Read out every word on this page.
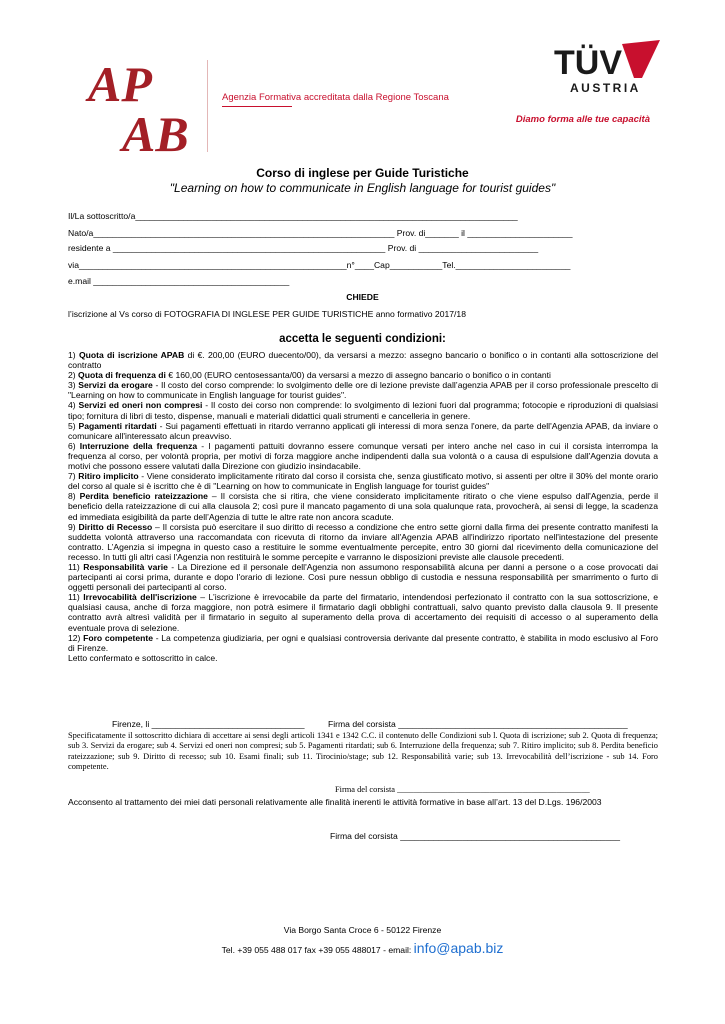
AP
AB
APAB
Agenzia Formativa accreditata dalla Regione Toscana
TÜV
AUSTRIA
Diamo forma alle tue capacità
Corso di inglese per Guide Turistiche
"Learning on how to communicate in English language for tourist guides"
Il/La sottoscritto/a________________________________________________________________________________
Nato/a_______________________________________________________________ Prov. di_______ il ______________________
residente a _________________________________________________________ Prov. di _________________________
via________________________________________________________n°____Cap___________Tel.________________________
e.mail _________________________________________
CHIEDE
l’iscrizione al Vs corso di FOTOGRAFIA DI INGLESE PER GUIDE TURISTICHE anno formativo 2017/18
accetta le seguenti condizioni:

1) Quota di iscrizione APAB di €. 200,00 (EURO duecento/00), da versarsi a mezzo: assegno bancario o bonifico o in contanti alla sottoscrizione del contratto

2) Quota di frequenza di € 160,00 (EURO centosessanta/00) da versarsi a mezzo di assegno bancario o bonifico o in contanti

3) Servizi da erogare - Il costo del corso comprende: lo svolgimento delle ore di lezione previste dall’agenzia APAB per il corso professionale prescelto di "Learning on how to communicate in English language for tourist guides".

4) Servizi ed oneri non compresi - Il costo dei corso non comprende: lo svolgimento di lezioni fuori dal programma; fotocopie e riproduzioni di qualsiasi tipo; fornitura di libri di testo, dispense, manuali e materiali didattici quali strumenti e cancelleria in genere.

5) Pagamenti ritardati - Sui pagamenti effettuati in ritardo verranno applicati gli interessi di mora senza l'onere, da parte dell'Agenzia APAB, da inviare o comunicare all'interessato alcun preavviso.

6) Interruzione della frequenza - I pagamenti pattuiti dovranno essere comunque versati per intero anche nel caso in cui il corsista interrompa la frequenza al corso, per volontà propria, per motivi di forza maggiore anche indipendenti dalla sua volontà o a causa di espulsione dall'Agenzia dovuta a motivi che possono essere valutati dalla Direzione con giudizio insindacabile.

7) Ritiro implicito - Viene considerato implicitamente ritirato dal corso il corsista che, senza giustificato motivo, si assenti per oltre il 30% del monte orario del corso al quale si è iscritto che è di "Learning on how to communicate in English language for tourist guides"

8) Perdita beneficio rateizzazione – Il corsista che si ritira, che viene considerato implicitamente ritirato o che viene espulso dall'Agenzia, perde il beneficio della rateizzazione di cui alla clausola 2; così pure il mancato pagamento di una sola qualunque rata, provocherà, ai sensi di legge, la scadenza ed immediata esigibilità da parte dell’Agenzia di tutte le altre rate non ancora scadute.

9) Diritto di Recesso – Il corsista può esercitare il suo diritto di recesso a condizione che entro sette giorni dalla firma dei presente contratto manifesti la suddetta volontà attraverso una raccomandata con ricevuta di ritorno da inviare all'Agenzia APAB all'indirizzo riportato nell'intestazione del presente contratto. L’Agenzia si impegna in questo caso a restituire le somme eventualmente percepite, entro 30 giorni dal ricevimento della comunicazione del recesso. In tutti gli altri casi l'Agenzia non restituirà le somme percepite e varranno le disposizioni previste alle clausole precedenti.

11) Responsabilità varie - La Direzione ed il personale dell'Agenzia non assumono responsabilità alcuna per danni a persone o a cose provocati dai partecipanti ai corsi prima, durante e dopo l'orario di lezione. Così pure nessun obbligo di custodia e nessuna responsabilità per smarrimento o furto di oggetti personali dei partecipanti al corso.

11) Irrevocabilità dell'iscrizione – L’iscrizione è irrevocabile da parte del firmatario, intendendosi perfezionato il contratto con la sua sottoscrizione, e qualsiasi causa, anche di forza maggiore, non potrà esimere il firmatario dagli obblighi contrattuali, salvo quanto previsto dalla clausola 9. Il presente contratto avrà altresì validità per il firmatario in seguito al superamento della prova di accertamento dei requisiti di accesso o al superamento della eventuale prova di selezione.

12) Foro competente - La competenza giudiziaria, per ogni e qualsiasi controversia derivante dal presente contratto, è stabilita in modo esclusivo al Foro di Firenze.

Letto confermato e sottoscritto in calce.

Firenze, li ________________________________	Firma del corsista ________________________________________________
Specificatamente il sottoscritto dichiara di accettare ai sensi degli articoli 1341 e 1342 C.C. il contenuto delle Condizioni sub l. Quota di iscrizione; sub 2. Quota di frequenza; sub 3. Servizi da erogare; sub 4. Servizi ed oneri non compresi; sub 5. Pagamenti ritardati; sub 6. Interruzione della frequenza; sub 7. Ritiro implicito; sub 8. Perdita beneficio rateizzazione; sub 9. Diritto di recesso; sub 10. Esami finali; sub 11. Tirocinio/stage; sub 12. Responsabilità varie; sub 13. Irrevocabilità dell’iscrizione - sub 14. Foro competente.
Firma del corsista ______________________________________________
Acconsento al trattamento dei miei dati personali relativamente alle finalità inerenti le attività formative in base all’art. 13 del D.Lgs. 196/2003
Firma del corsista ______________________________________________
Via Borgo Santa Croce 6 - 50122 Firenze
Tel. +39 055 488 017 fax +39 055 488017 - email: info@apab.biz
